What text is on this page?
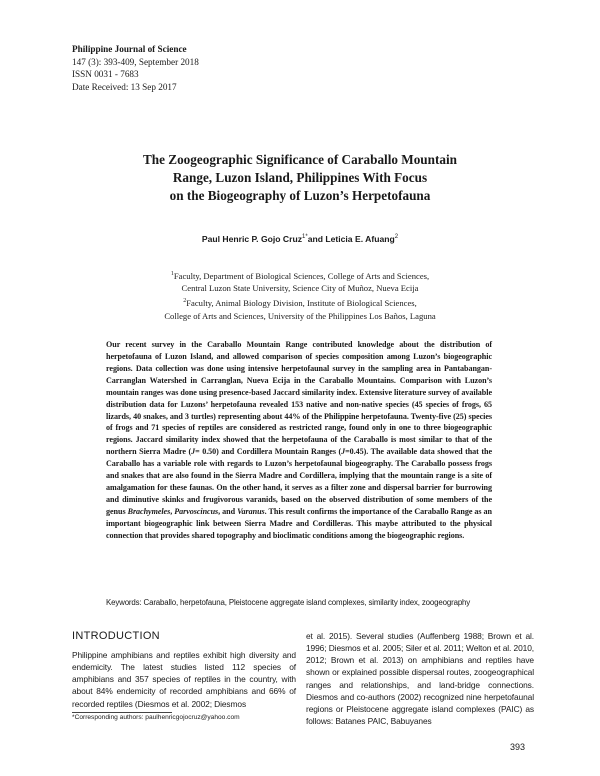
Philippine Journal of Science
147 (3): 393-409, September 2018
ISSN 0031 - 7683
Date Received: 13 Sep 2017
The Zoogeographic Significance of Caraballo Mountain
Range, Luzon Island, Philippines With Focus
on the Biogeography of Luzon’s Herpetofauna
Paul Henric P. Gojo Cruz$^{1*}$and Leticia E. Afuang$^2$
$^1$Faculty, Department of Biological Sciences, College of Arts and Sciences,
Central Luzon State University, Science City of Muñoz, Nueva Ecija
$^2$Faculty, Animal Biology Division, Institute of Biological Sciences,
College of Arts and Sciences, University of the Philippines Los Baños, Laguna
Our recent survey in the Caraballo Mountain Range contributed knowledge about the distribution of herpetofauna of Luzon Island, and allowed comparison of species composition among Luzon’s biogeographic regions. Data collection was done using intensive herpetofaunal survey in the sampling area in Pantabangan-Carranglan Watershed in Carranglan, Nueva Ecija in the Caraballo Mountains. Comparison with Luzon’s mountain ranges was done using presence-based Jaccard similarity index. Extensive literature survey of available distribution data for Luzons’ herpetofauna revealed 153 native and non-native species (45 species of frogs, 65 lizards, 40 snakes, and 3 turtles) representing about 44% of the Philippine herpetofauna. Twenty-five (25) species of frogs and 71 species of reptiles are considered as restricted range, found only in one to three biogeographic regions. Jaccard similarity index showed that the herpetofauna of the Caraballo is most similar to that of the northern Sierra Madre (J= 0.50) and Cordillera Mountain Ranges (J=0.45). The available data showed that the Caraballo has a variable role with regards to Luzon’s herpetofaunal biogeography. The Caraballo possess frogs and snakes that are also found in the Sierra Madre and Cordillera, implying that the mountain range is a site of amalgamation for these faunas. On the other hand, it serves as a filter zone and dispersal barrier for burrowing and diminutive skinks and frugivorous varanids, based on the observed distribution of some members of the genus Brachymeles, Parvoscincus, and Varanus. This result confirms the importance of the Caraballo Range as an important biogeographic link between Sierra Madre and Cordilleras. This maybe attributed to the physical connection that provides shared topography and bioclimatic conditions among the biogeographic regions.
Keywords: Caraballo, herpetofauna, Pleistocene aggregate island complexes, similarity index, zoogeography
INTRODUCTION
Philippine amphibians and reptiles exhibit high diversity and endemicity. The latest studies listed 112 species of amphibians and 357 species of reptiles in the country, with about 84% endemicity of recorded amphibians and 66% of recorded reptiles (Diesmos et al. 2002; Diesmos
et al. 2015). Several studies (Auffenberg 1988; Brown et al. 1996; Diesmos et al. 2005; Siler et al. 2011; Welton et al. 2010, 2012; Brown et al. 2013) on amphibians and reptiles have shown or explained possible dispersal routes, zoogeographical ranges and relationships, and land-bridge connections. Diesmos and co-authors (2002) recognized nine herpetofaunal regions or Pleistocene aggregate island complexes (PAIC) as follows: Batanes PAIC, Babuyanes
*Corresponding authors: paulhenricgojocruz@yahoo.com
393
